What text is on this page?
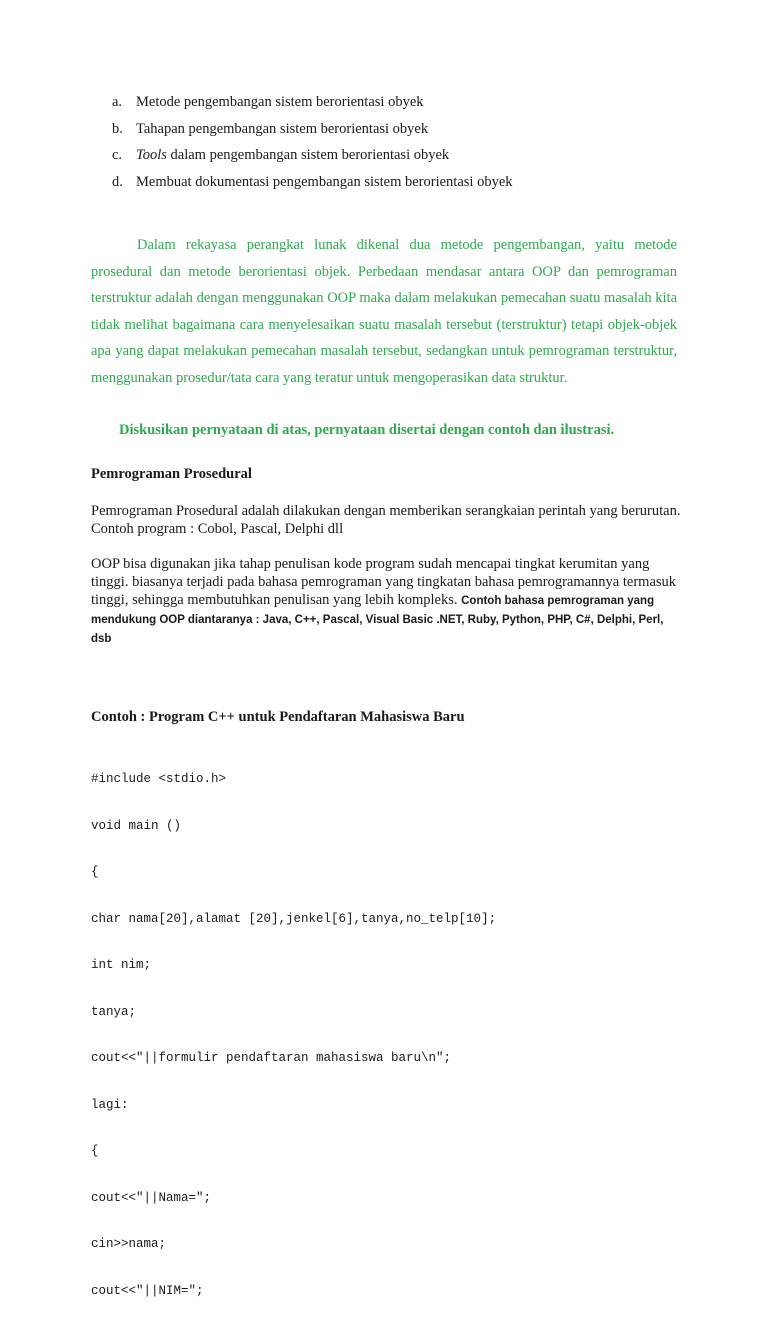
a. Metode pengembangan sistem berorientasi obyek
b. Tahapan pengembangan sistem berorientasi obyek
c. Tools dalam pengembangan sistem berorientasi obyek
d. Membuat dokumentasi pengembangan sistem berorientasi obyek

Dalam rekayasa perangkat lunak dikenal dua metode pengembangan, yaitu metode prosedural dan metode berorientasi objek. Perbedaan mendasar antara OOP dan pemrograman terstruktur adalah dengan menggunakan OOP maka dalam melakukan pemecahan suatu masalah kita tidak melihat bagaimana cara menyelesaikan suatu masalah tersebut (terstruktur) tetapi objek-objek apa yang dapat melakukan pemecahan masalah tersebut, sedangkan untuk pemrograman terstruktur, menggunakan prosedur/tata cara yang teratur untuk mengoperasikan data struktur.

Diskusikan pernyataan di atas, pernyataan disertai dengan contoh dan ilustrasi.

Pemrograman Prosedural

Pemrograman Prosedural adalah dilakukan dengan memberikan serangkaian perintah yang berurutan. Contoh program : Cobol, Pascal, Delphi dll

OOP bisa digunakan jika tahap penulisan kode program sudah mencapai tingkat kerumitan yang tinggi. biasanya terjadi pada bahasa pemrograman yang tingkatan bahasa pemrogramannya termasuk tinggi, sehingga membutuhkan penulisan yang lebih kompleks. Contoh bahasa pemrograman yang mendukung OOP diantaranya : Java, C++, Pascal, Visual Basic .NET, Ruby, Python, PHP, C#, Delphi, Perl, dsb

Contoh : Program C++ untuk Pendaftaran Mahasiswa Baru

#include <stdio.h>

void main ()

{

char nama[20],alamat [20],jenkel[6],tanya,no_telp[10];

int nim;

tanya;

cout<<"||formulir pendaftaran mahasiswa baru\n";

lagi:

{

cout<<"||Nama=";

cin>>nama;

cout<<"||NIM=";
